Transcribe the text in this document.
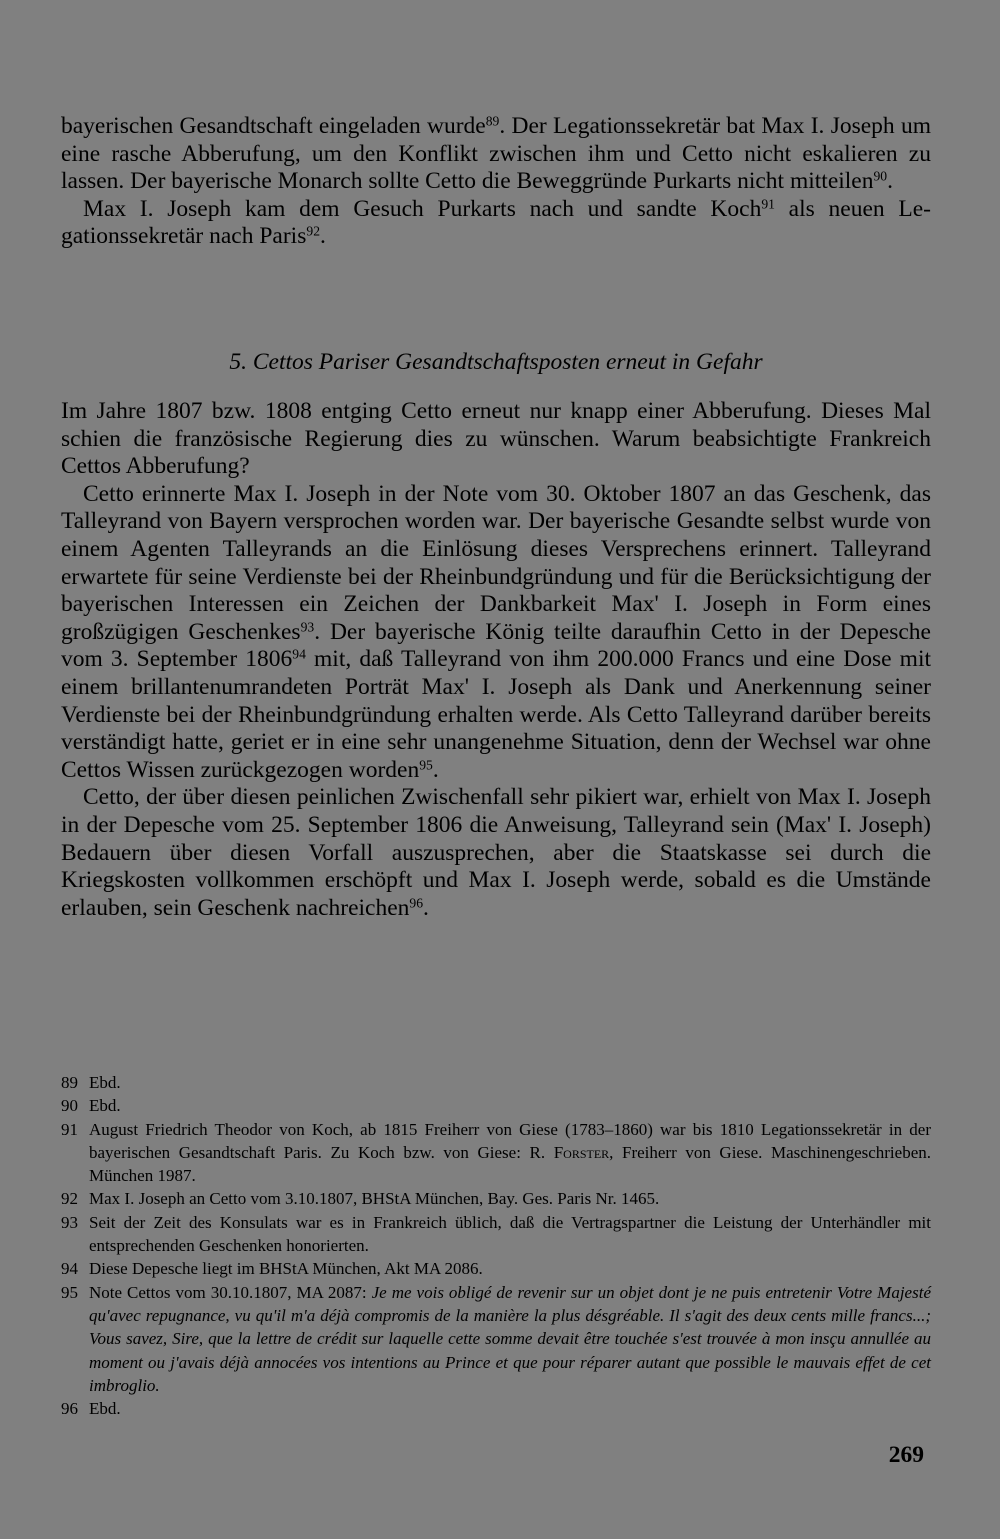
bayerischen Gesandtschaft eingeladen wurde$^{89}$. Der Legationssekretär bat Max I. Joseph um eine rasche Abberufung, um den Konflikt zwischen ihm und Cetto nicht eskalieren zu lassen. Der bayerische Monarch sollte Cetto die Beweggründe Purkarts nicht mitteilen$^{90}$.

Max I. Joseph kam dem Gesuch Purkarts nach und sandte Koch$^{91}$ als neuen Legationssekretär nach Paris$^{92}$.

5. Cettos Pariser Gesandtschaftsposten erneut in Gefahr

Im Jahre 1807 bzw. 1808 entging Cetto erneut nur knapp einer Abberufung. Dieses Mal schien die französische Regierung dies zu wünschen. Warum beabsichtigte Frankreich Cettos Abberufung?

Cetto erinnerte Max I. Joseph in der Note vom 30. Oktober 1807 an das Geschenk, das Talleyrand von Bayern versprochen worden war. Der bayerische Gesandte selbst wurde von einem Agenten Talleyrands an die Einlösung dieses Versprechens erinnert. Talleyrand erwartete für seine Verdienste bei der Rheinbundgründung und für die Berücksichtigung der bayerischen Interessen ein Zeichen der Dankbarkeit Max' I. Joseph in Form eines großzügigen Geschenkes$^{93}$. Der bayerische König teilte daraufhin Cetto in der Depesche vom 3. September 1806$^{94}$ mit, daß Talleyrand von ihm 200.000 Francs und eine Dose mit einem brillantenumrandeten Porträt Max' I. Joseph als Dank und Anerkennung seiner Verdienste bei der Rheinbundgründung erhalten werde. Als Cetto Talleyrand darüber bereits verständigt hatte, geriet er in eine sehr unangenehme Situation, denn der Wechsel war ohne Cettos Wissen zurückgezogen worden$^{95}$.

Cetto, der über diesen peinlichen Zwischenfall sehr pikiert war, erhielt von Max I. Joseph in der Depesche vom 25. September 1806 die Anweisung, Talleyrand sein (Max' I. Joseph) Bedauern über diesen Vorfall auszusprechen, aber die Staatskasse sei durch die Kriegskosten vollkommen erschöpft und Max I. Joseph werde, sobald es die Umstände erlauben, sein Geschenk nachreichen$^{96}$.

89 Ebd.
90 Ebd.
91 August Friedrich Theodor von Koch, ab 1815 Freiherr von Giese (1783–1860) war bis 1810 Legationssekretär in der bayerischen Gesandtschaft Paris. Zu Koch bzw. von Giese: R. Forster, Freiherr von Giese. Maschinengeschrieben. München 1987.
92 Max I. Joseph an Cetto vom 3.10.1807, BHStA München, Bay. Ges. Paris Nr. 1465.
93 Seit der Zeit des Konsulats war es in Frankreich üblich, daß die Vertragspartner die Leistung der Unterhändler mit entsprechenden Geschenken honorierten.
94 Diese Depesche liegt im BHStA München, Akt MA 2086.
95 Note Cettos vom 30.10.1807, MA 2087: Je me vois obligé de revenir sur un objet dont je ne puis entretenir Votre Majesté qu'avec repugnance, vu qu'il m'a déjà compromis de la manière la plus désgréable. Il s'agit des deux cents mille francs...; Vous savez, Sire, que la lettre de crédit sur laquelle cette somme devait être touchée s'est trouvée à mon insçu annullée au moment ou j'avais déjà annocées vos intentions au Prince et que pour réparer autant que possible le mauvais effet de cet imbroglio.
96 Ebd.
269
